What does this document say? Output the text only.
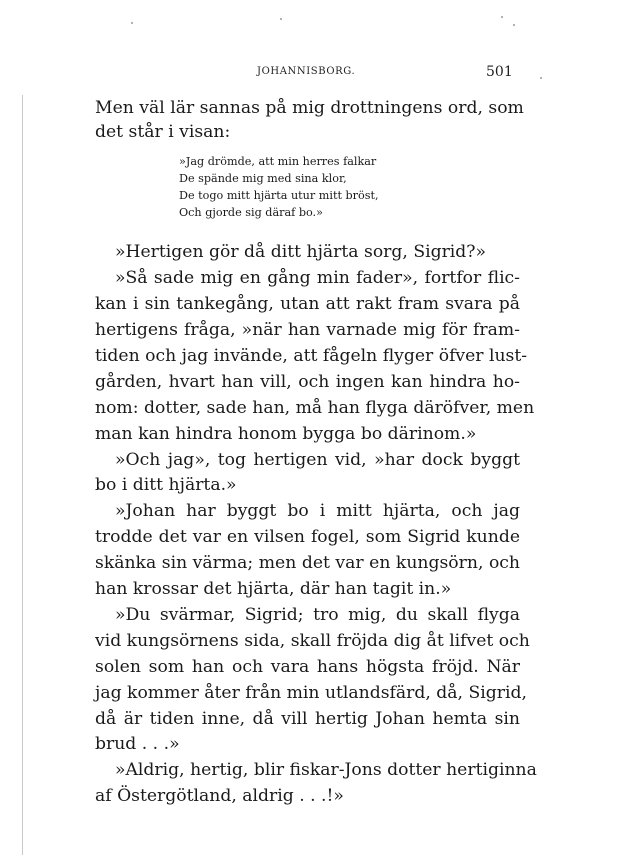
JOHANNISBORG.	501
Men väl lär sannas på mig drottningens ord, som
det står i visan:
»Jag drömde, att min herres falkar
De spände mig med sina klor,
De togo mitt hjärta utur mitt bröst,
Och gjorde sig däraf bo.»
»Hertigen gör då ditt hjärta sorg, Sigrid?»
»Så sade mig en gång min fader», fortfor flic-
kan i sin tankegång, utan att rakt fram svara på
hertigens fråga, »när han varnade mig för fram-
tiden och jag invände, att fågeln flyger öfver lust-
gården, hvart han vill, och ingen kan hindra ho-
nom: dotter, sade han, må han flyga däröfver, men
man kan hindra honom bygga bo därinom.»
»Och jag», tog hertigen vid, »har dock byggt
bo i ditt hjärta.»
»Johan har byggt bo i mitt hjärta, och jag
trodde det var en vilsen fogel, som Sigrid kunde
skänka sin värma; men det var en kungsörn, och
han krossar det hjärta, där han tagit in.»
»Du svärmar, Sigrid; tro mig, du skall flyga
vid kungsörnens sida, skall fröjda dig åt lifvet och
solen som han och vara hans högsta fröjd. När
jag kommer åter från min utlandsfärd, då, Sigrid,
då är tiden inne, då vill hertig Johan hemta sin
brud . . .»
»Aldrig, hertig, blir fiskar-Jons dotter hertiginna
af Östergötland, aldrig . . .!»
